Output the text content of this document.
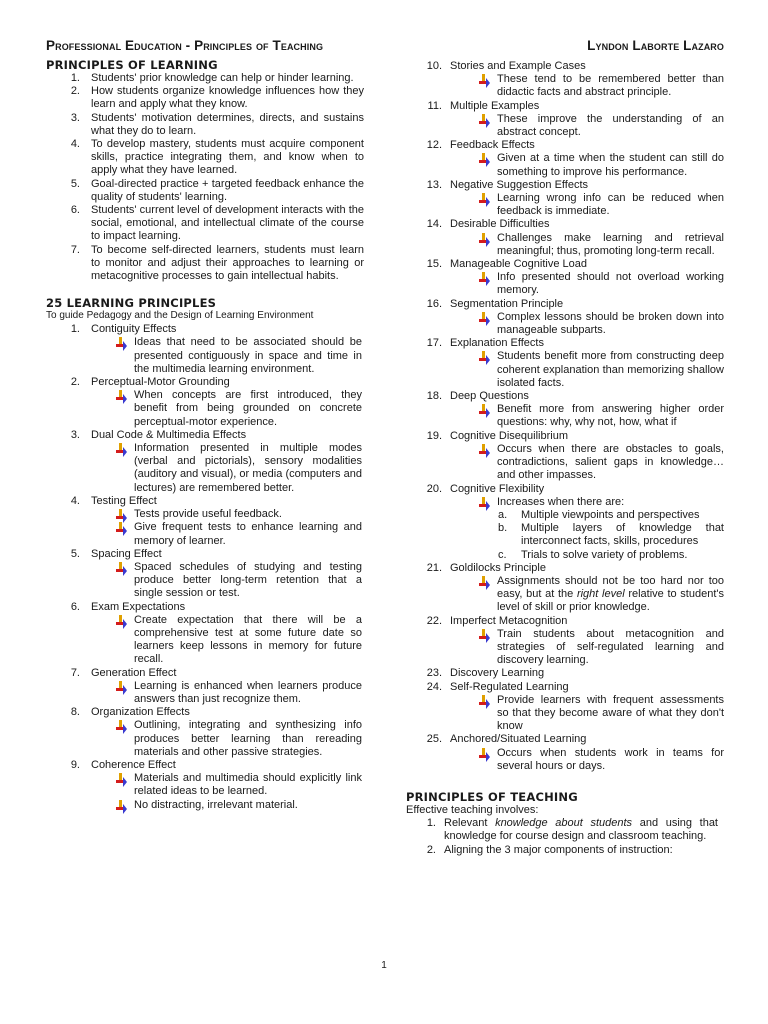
Professional Education - Principles of Teaching	Lyndon Laborte Lazaro

PRINCIPLES OF LEARNING

1.	Students' prior knowledge can help or hinder learning.
2.	How students organize knowledge influences how they learn and apply what they know.
3.	Students' motivation determines, directs, and sustains what they do to learn.
4.	To develop mastery, students must acquire component skills, practice integrating them, and know when to apply what they have learned.
5.	Goal-directed practice + targeted feedback enhance the quality of students' learning.
6.	Students' current level of development interacts with the social, emotional, and intellectual climate of the course to impact learning.
7.	To become self-directed learners, students must learn to monitor and adjust their approaches to learning or metacognitive processes to gain intellectual habits.

25 LEARNING PRINCIPLES

To guide Pedagogy and the Design of Learning Environment

1.	Contiguity Effects
Ideas that need to be associated should be presented contiguously in space and time in the multimedia learning environment.
2.	Perceptual-Motor Grounding
When concepts are first introduced, they benefit from being grounded on concrete perceptual-motor experience.
3.	Dual Code & Multimedia Effects
Information presented in multiple modes (verbal and pictorials), sensory modalities (auditory and visual), or media (computers and lectures) are remembered better.
4.	Testing Effect
Tests provide useful feedback.
Give frequent tests to enhance learning and memory of learner.
5.	Spacing Effect
Spaced schedules of studying and testing produce better long-term retention that a single session or test.
6.	Exam Expectations
Create expectation that there will be a comprehensive test at some future date so learners keep lessons in memory for future recall.
7.	Generation Effect
Learning is enhanced when learners produce answers than just recognize them.
8.	Organization Effects
Outlining, integrating and synthesizing info produces better learning than rereading materials and other passive strategies.
9.	Coherence Effect
Materials and multimedia should explicitly link related ideas to be learned.
No distracting, irrelevant material.
10. Stories and Example Cases
These tend to be remembered better than didactic facts and abstract principle.
11. Multiple Examples
These improve the understanding of an abstract concept.
12. Feedback Effects
Given at a time when the student can still do something to improve his performance.
13. Negative Suggestion Effects
Learning wrong info can be reduced when feedback is immediate.
14. Desirable Difficulties
Challenges make learning and retrieval meaningful; thus, promoting long-term recall.
15. Manageable Cognitive Load
Info presented should not overload working memory.
16. Segmentation Principle
Complex lessons should be broken down into manageable subparts.
17. Explanation Effects
Students benefit more from constructing deep coherent explanation than memorizing shallow isolated facts.
18. Deep Questions
Benefit more from answering higher order questions: why, why not, how, what if
19. Cognitive Disequilibrium
Occurs when there are obstacles to goals, contradictions, salient gaps in knowledge…and other impasses.
20. Cognitive Flexibility
Increases when there are:
a.	Multiple viewpoints and perspectives
b.	Multiple layers of knowledge that interconnect facts, skills, procedures
c.	Trials to solve variety of problems.
21. Goldilocks Principle
Assignments should not be too hard nor too easy, but at the right level relative to student's level of skill or prior knowledge.
22. Imperfect Metacognition
Train students about metacognition and strategies of self-regulated learning and discovery learning.
23. Discovery Learning
24. Self-Regulated Learning
Provide learners with frequent assessments so that they become aware of what they don't know
25. Anchored/Situated Learning
Occurs when students work in teams for several hours or days.

PRINCIPLES OF TEACHING

Effective teaching involves:

1. Relevant knowledge about students and using that knowledge for course design and classroom teaching.
2. Aligning the 3 major components of instruction:
1
